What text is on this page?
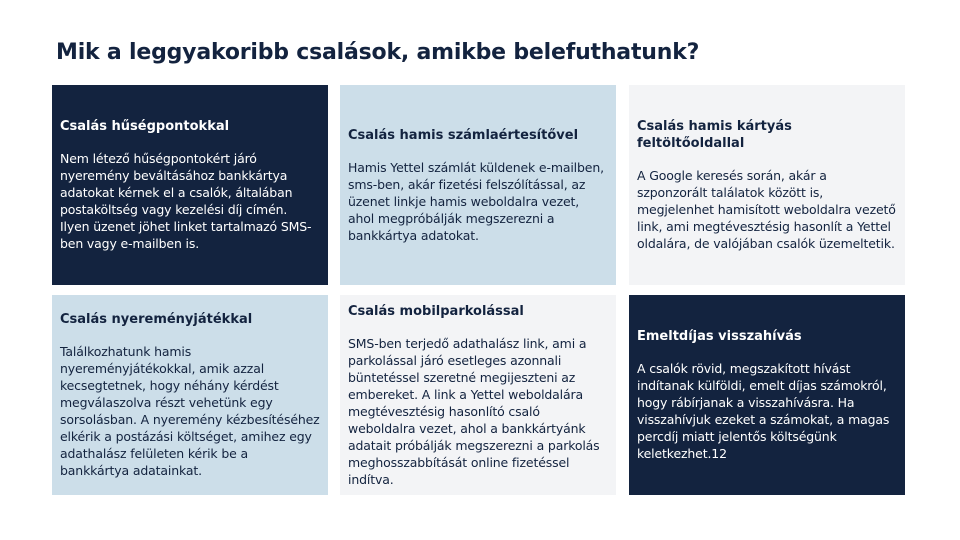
Mik a leggyakoribb csalások, amikbe belefuthatunk?
Csalás hűségpontokkal

Nem létező hűségpontokért járó nyeremény beváltásához bankkártya adatokat kérnek el a csalók, általában postaköltség vagy kezelési díj címén. Ilyen üzenet jöhet linket tartalmazó SMS-ben vagy e-mailben is.

Csalás hamis számlaértesítővel

Hamis Yettel számlát küldenek e-mailben, sms-ben, akár fizetési felszólítással, az üzenet linkje hamis weboldalra vezet, ahol megpróbálják megszerezni a bankkártya adatokat.

Csalás hamis kártyás feltöltőoldallal

A Google keresés során, akár a szponzorált találatok között is, megjelenhet hamisított weboldalra vezető link, ami megtévesztésig hasonlít a Yettel oldalára, de valójában csalók üzemeltetik.

Csalás nyereményjátékkal

Találkozhatunk hamis nyereményjátékokkal, amik azzal kecsegtetnek, hogy néhány kérdést megválaszolva részt vehetünk egy sorsolásban. A nyeremény kézbesítéséhez elkérik a postázási költséget, amihez egy adathalász felületen kérik be a bankkártya adatainkat.

Csalás mobilparkolással

SMS-ben terjedő adathalász link, ami a parkolással járó esetleges azonnali büntetéssel szeretné megijeszteni az embereket. A link a Yettel weboldalára megtévesztésig hasonlító csaló weboldalra vezet, ahol a bankkártyánk adatait próbálják megszerezni a parkolás meghosszabbítását online fizetéssel indítva.

Emeltdíjas visszahívás

A csalók rövid, megszakított hívást indítanak külföldi, emelt díjas számokról, hogy rábírjanak a visszahívásra. Ha visszahívjuk ezeket a számokat, a magas percdíj miatt jelentős költségünk keletkezhet.12
